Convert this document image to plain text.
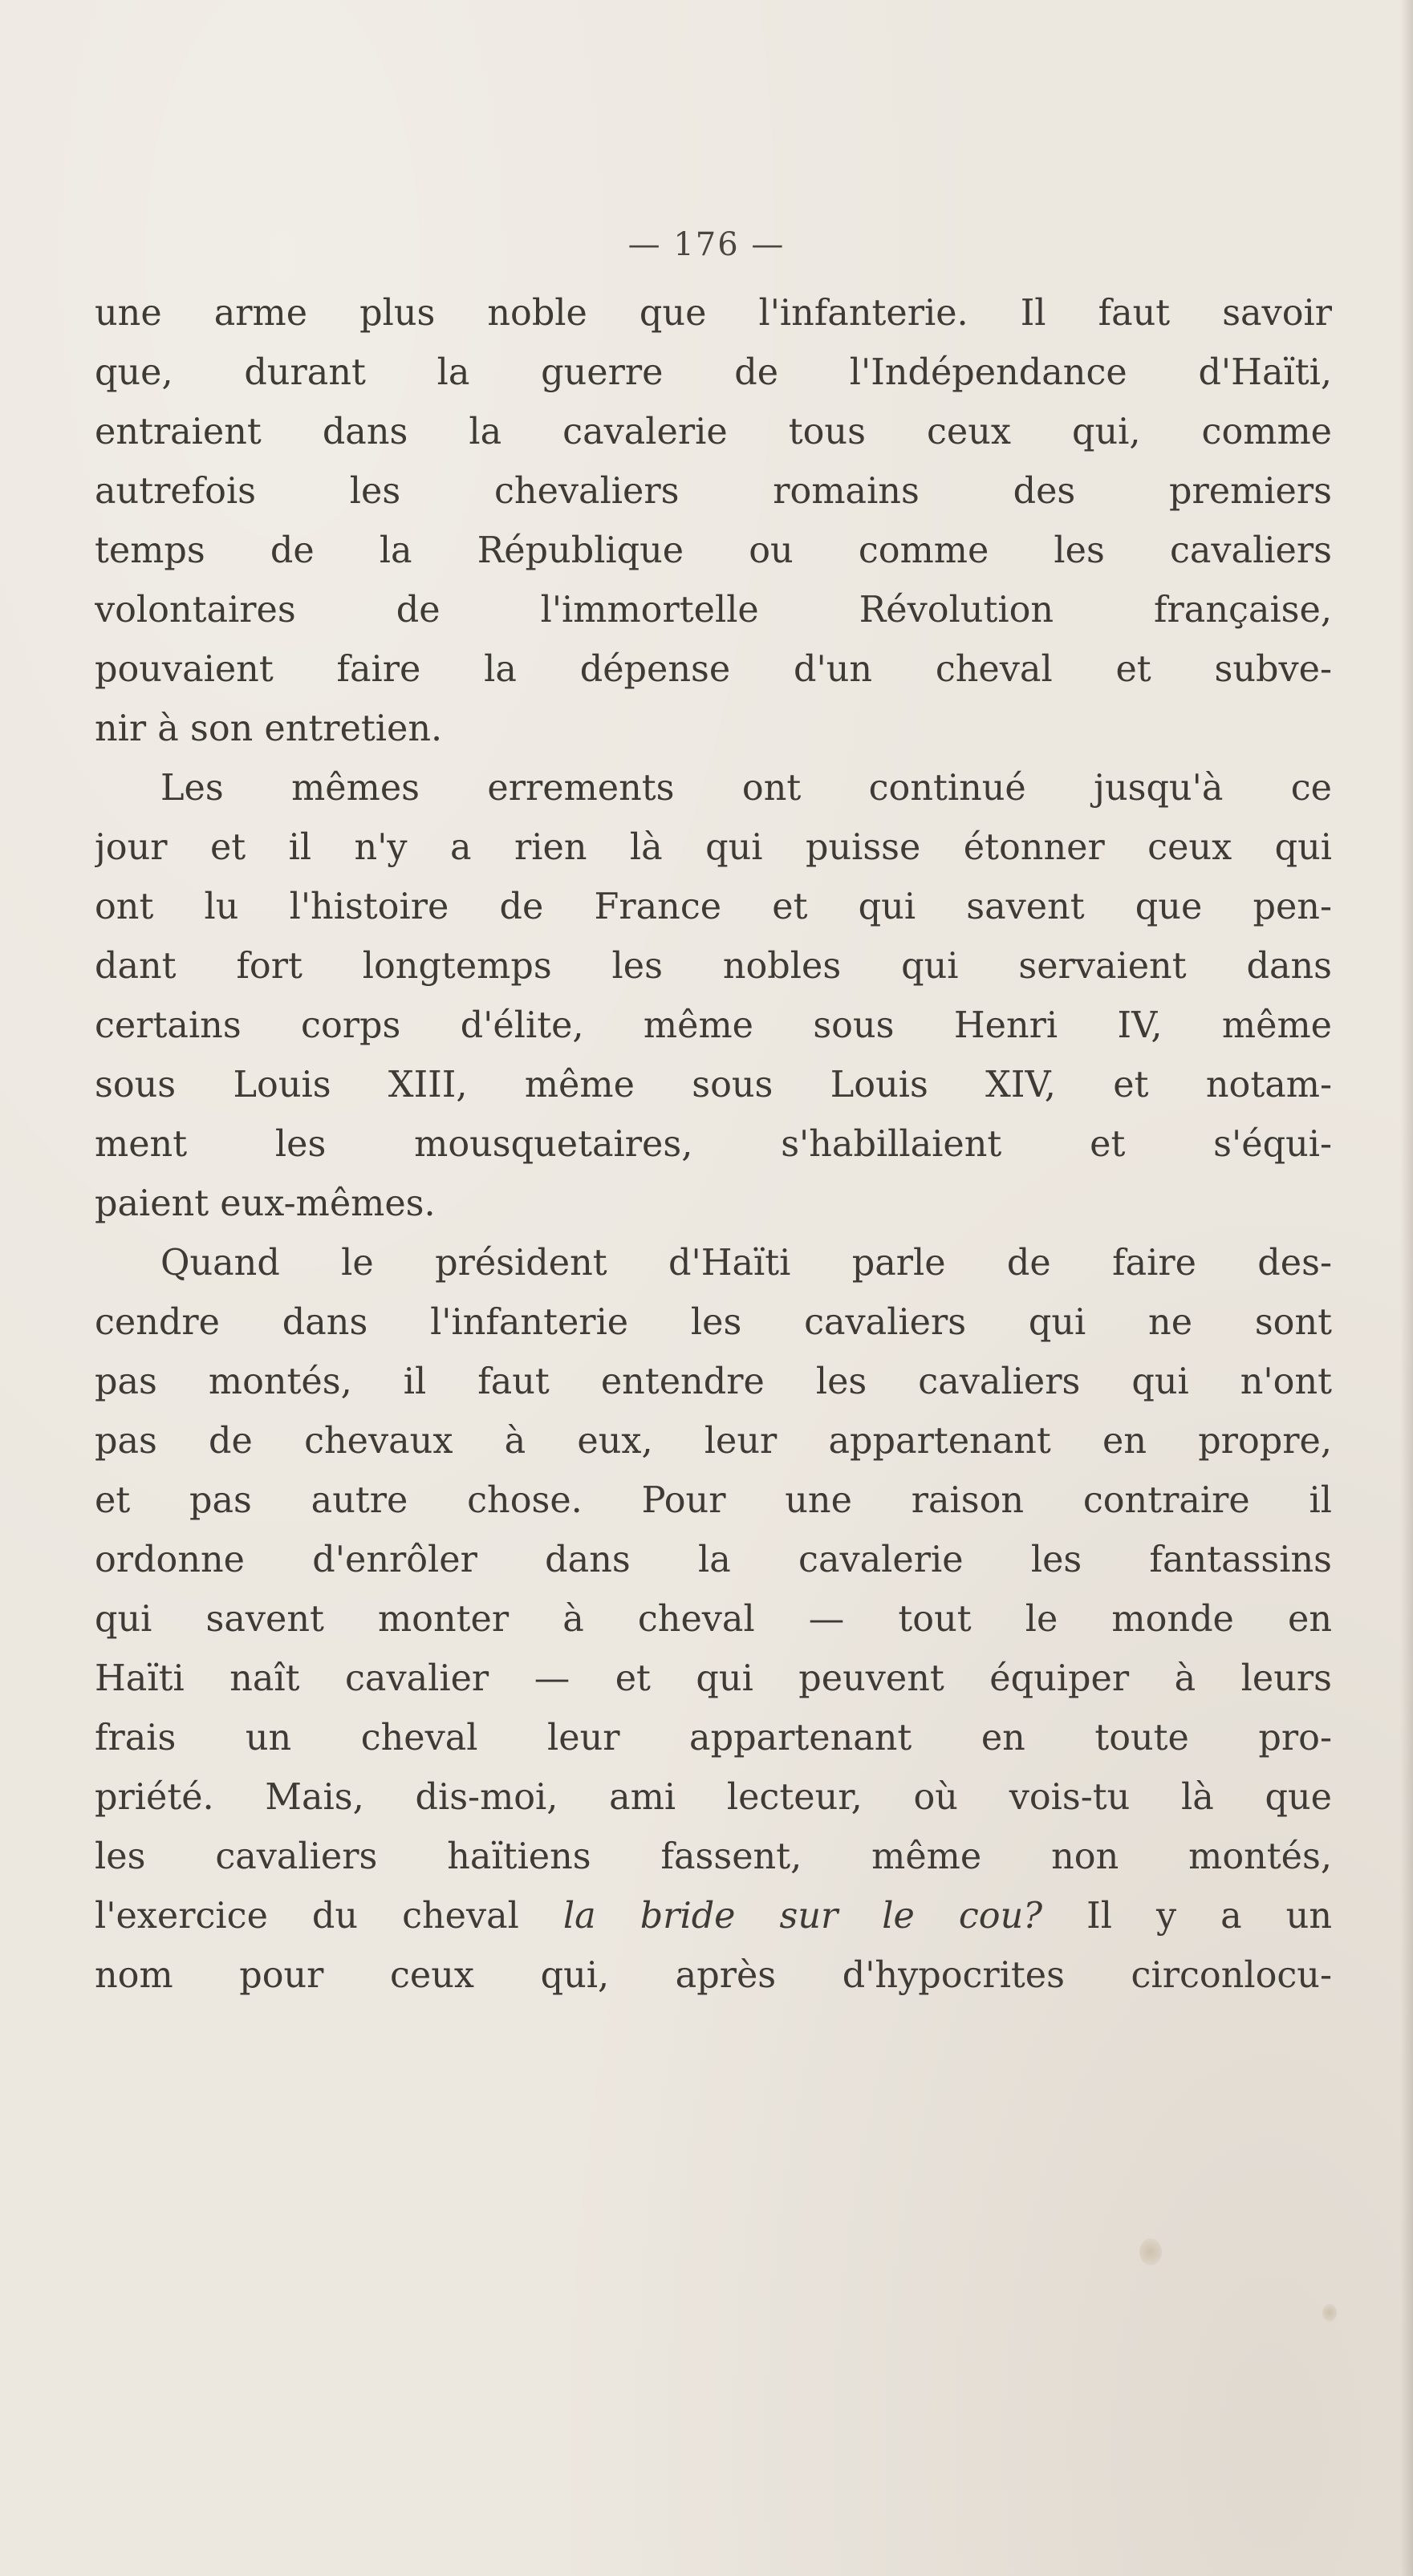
— 176 —
une arme plus noble que l'infanterie. Il faut savoir
que, durant la guerre de l'Indépendance d'Haïti,
entraient dans la cavalerie tous ceux qui, comme
autrefois les chevaliers romains des premiers
temps de la République ou comme les cavaliers
volontaires de l'immortelle Révolution française,
pouvaient faire la dépense d'un cheval et subve-
nir à son entretien.
Les mêmes errements ont continué jusqu'à ce
jour et il n'y a rien là qui puisse étonner ceux qui
ont lu l'histoire de France et qui savent que pen-
dant fort longtemps les nobles qui servaient dans
certains corps d'élite, même sous Henri IV, même
sous Louis XIII, même sous Louis XIV, et notam-
ment les mousquetaires, s'habillaient et s'équi-
paient eux-mêmes.
Quand le président d'Haïti parle de faire des-
cendre dans l'infanterie les cavaliers qui ne sont
pas montés, il faut entendre les cavaliers qui n'ont
pas de chevaux à eux, leur appartenant en propre,
et pas autre chose. Pour une raison contraire il
ordonne d'enrôler dans la cavalerie les fantassins
qui savent monter à cheval — tout le monde en
Haïti naît cavalier — et qui peuvent équiper à leurs
frais un cheval leur appartenant en toute pro-
priété. Mais, dis-moi, ami lecteur, où vois-tu là que
les cavaliers haïtiens fassent, même non montés,
l'exercice du cheval la bride sur le cou? Il y a un
nom pour ceux qui, après d'hypocrites circonlocu-
